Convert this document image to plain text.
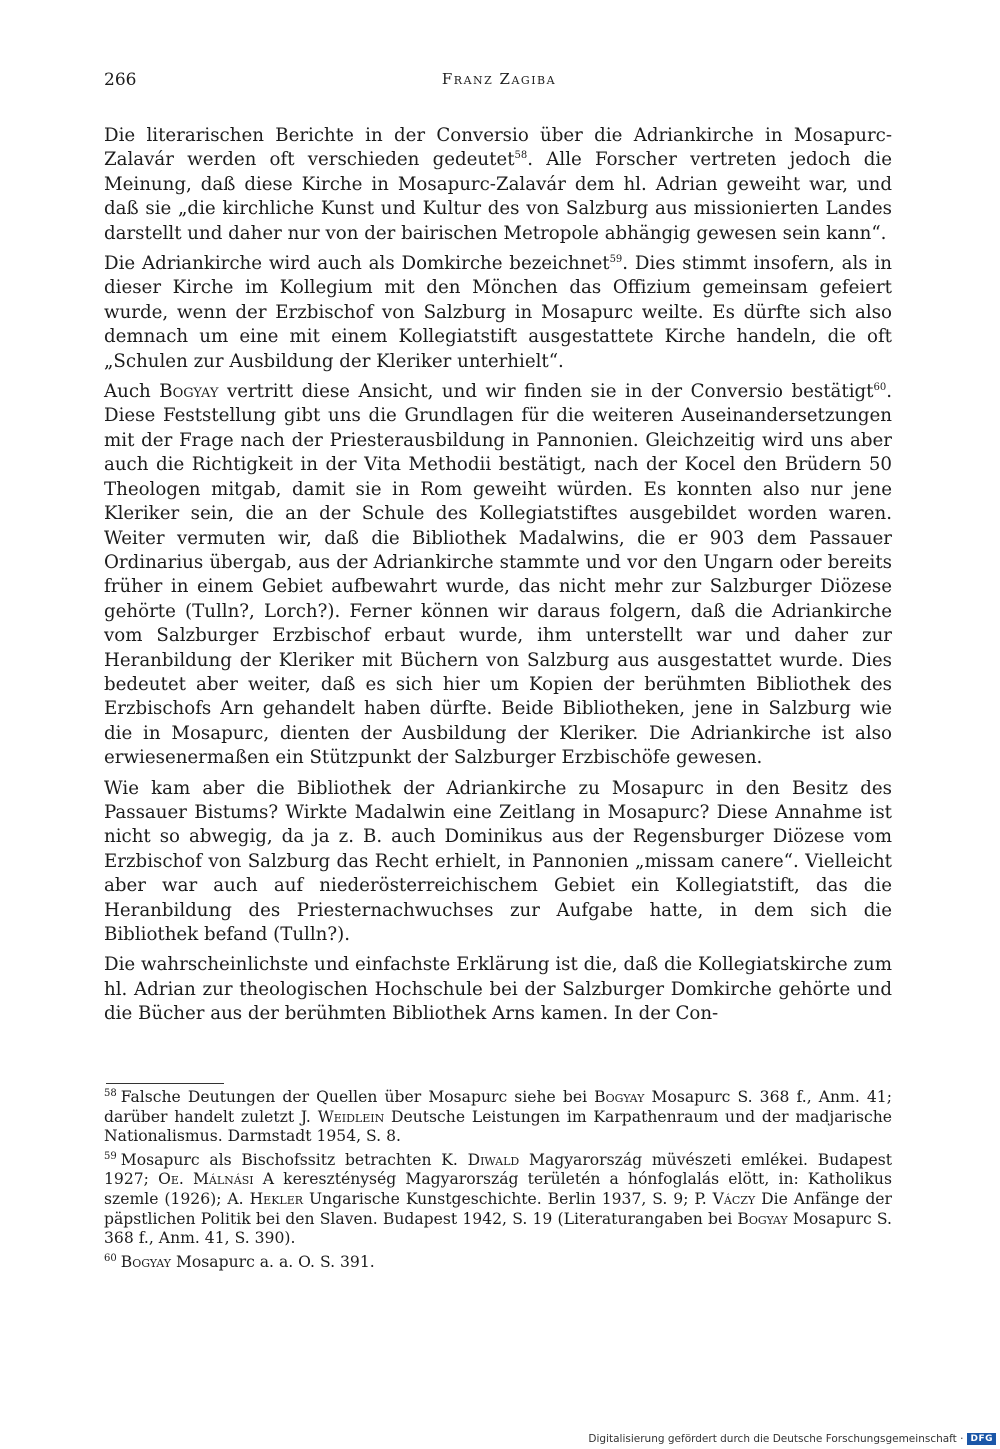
266	Franz Zagiba

Die literarischen Berichte in der Conversio über die Adriankirche in Mosapurc-Zalavár werden oft verschieden gedeutet$^{58}$. Alle Forscher vertreten jedoch die Meinung, daß diese Kirche in Mosapurc-Zalavár dem hl. Adrian geweiht war, und daß sie „die kirchliche Kunst und Kultur des von Salzburg aus missionierten Landes darstellt und daher nur von der bairischen Metropole abhängig gewesen sein kann“.

Die Adriankirche wird auch als Domkirche bezeichnet$^{59}$. Dies stimmt insofern, als in dieser Kirche im Kollegium mit den Mönchen das Offizium gemeinsam gefeiert wurde, wenn der Erzbischof von Salzburg in Mosapurc weilte. Es dürfte sich also demnach um eine mit einem Kollegiatstift ausgestattete Kirche handeln, die oft „Schulen zur Ausbildung der Kleriker unterhielt“.

Auch Bogyay vertritt diese Ansicht, und wir finden sie in der Conversio bestätigt$^{60}$. Diese Feststellung gibt uns die Grundlagen für die weiteren Auseinandersetzungen mit der Frage nach der Priesterausbildung in Pannonien. Gleichzeitig wird uns aber auch die Richtigkeit in der Vita Methodii bestätigt, nach der Kocel den Brüdern 50 Theologen mitgab, damit sie in Rom geweiht würden. Es konnten also nur jene Kleriker sein, die an der Schule des Kollegiatstiftes ausgebildet worden waren. Weiter vermuten wir, daß die Bibliothek Madalwins, die er 903 dem Passauer Ordinarius übergab, aus der Adriankirche stammte und vor den Ungarn oder bereits früher in einem Gebiet aufbewahrt wurde, das nicht mehr zur Salzburger Diözese gehörte (Tulln?, Lorch?). Ferner können wir daraus folgern, daß die Adriankirche vom Salzburger Erzbischof erbaut wurde, ihm unterstellt war und daher zur Heranbildung der Kleriker mit Büchern von Salzburg aus ausgestattet wurde. Dies bedeutet aber weiter, daß es sich hier um Kopien der berühmten Bibliothek des Erzbischofs Arn gehandelt haben dürfte. Beide Bibliotheken, jene in Salzburg wie die in Mosapurc, dienten der Ausbildung der Kleriker. Die Adriankirche ist also erwiesenermaßen ein Stützpunkt der Salzburger Erzbischöfe gewesen.

Wie kam aber die Bibliothek der Adriankirche zu Mosapurc in den Besitz des Passauer Bistums? Wirkte Madalwin eine Zeitlang in Mosapurc? Diese Annahme ist nicht so abwegig, da ja z. B. auch Dominikus aus der Regensburger Diözese vom Erzbischof von Salzburg das Recht erhielt, in Pannonien „missam canere“. Vielleicht aber war auch auf niederösterreichischem Gebiet ein Kollegiatstift, das die Heranbildung des Priesternachwuchses zur Aufgabe hatte, in dem sich die Bibliothek befand (Tulln?).

Die wahrscheinlichste und einfachste Erklärung ist die, daß die Kollegiatskirche zum hl. Adrian zur theologischen Hochschule bei der Salzburger Domkirche gehörte und die Bücher aus der berühmten Bibliothek Arns kamen. In der Con-

$^{58}$ Falsche Deutungen der Quellen über Mosapurc siehe bei Bogyay Mosapurc S. 368 f., Anm. 41; darüber handelt zuletzt J. Weidlein Deutsche Leistungen im Karpathenraum und der madjarische Nationalismus. Darmstadt 1954, S. 8.

$^{59}$ Mosapurc als Bischofssitz betrachten K. Diwald Magyarország müvészeti emlékei. Budapest 1927; Oe. Málnási A kereszténység Magyarország területén a hónfoglalás elött, in: Katholikus szemle (1926); A. Hekler Ungarische Kunstgeschichte. Berlin 1937, S. 9; P. Váczy Die Anfänge der päpstlichen Politik bei den Slaven. Budapest 1942, S. 19 (Literaturangaben bei Bogyay Mosapurc S. 368 f., Anm. 41, S. 390).

$^{60}$ Bogyay Mosapurc a. a. O. S. 391.

Digitalisierung gefördert durch die Deutsche Forschungsgemeinschaft · DFG
